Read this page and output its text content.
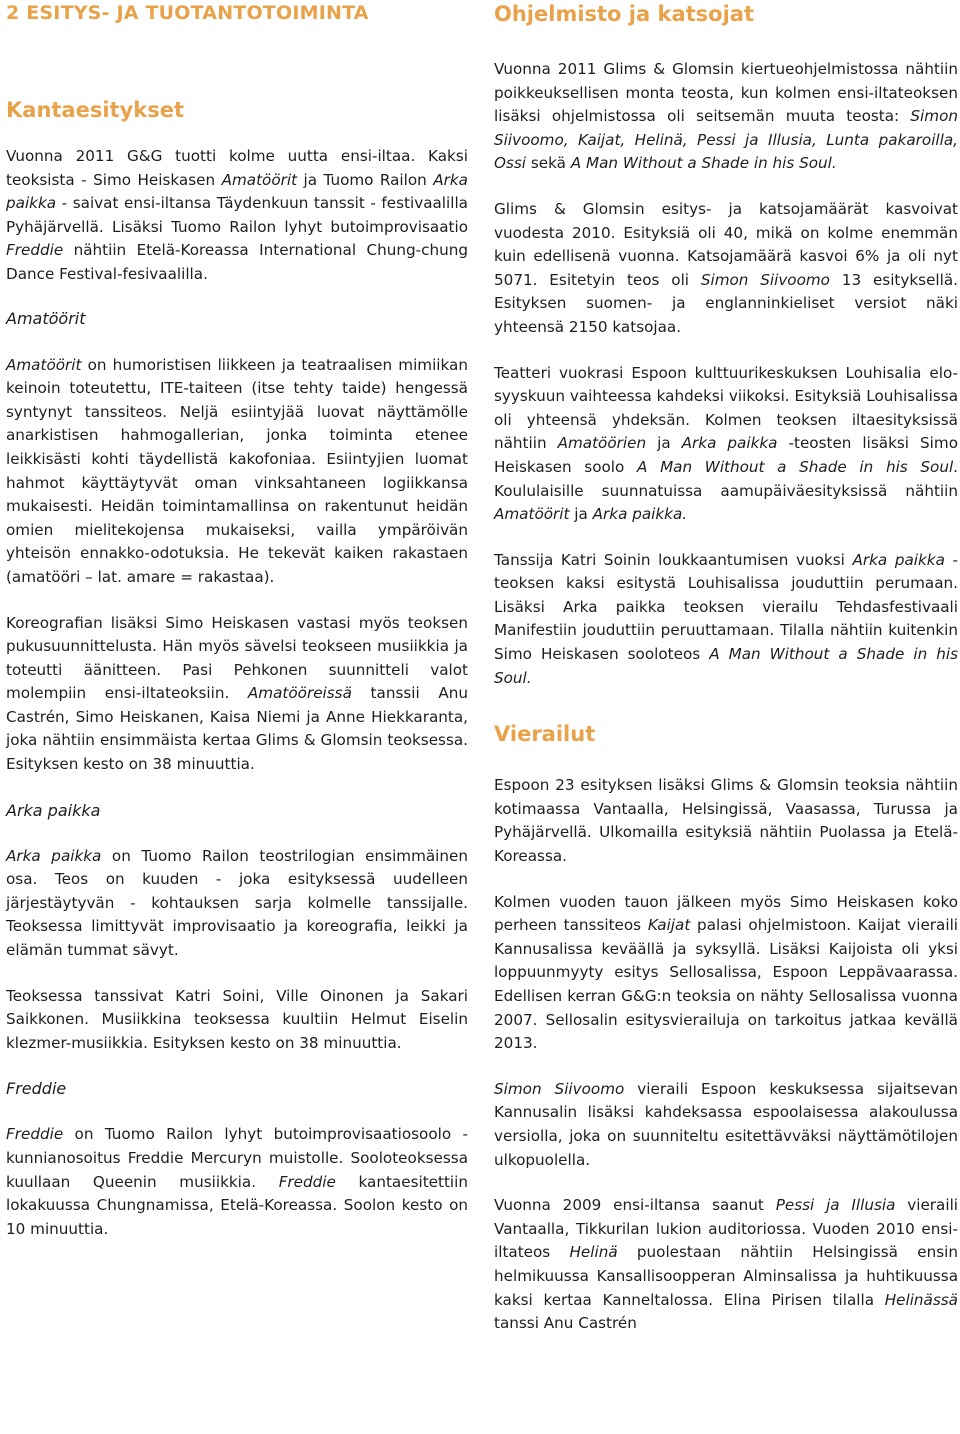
2 ESITYS- JA TUOTANTOTOIMINTA
Kantaesitykset

Vuonna 2011 G&G tuotti kolme uutta ensi-iltaa. Kaksi teoksista - Simo Heiskasen Amatöörit ja Tuomo Railon Arka paikka - saivat ensi-iltansa Täydenkuun tanssit - festivaalilla Pyhäjärvellä. Lisäksi Tuomo Railon lyhyt butoimprovisaatio Freddie nähtiin Etelä-Koreassa International Chung-chung Dance Festival-fesivaalilla.

Amatöörit

Amatöörit on humoristisen liikkeen ja teatraalisen mimiikan keinoin toteutettu, ITE-taiteen (itse tehty taide) hengessä syntynyt tanssiteos. Neljä esiintyjää luovat näyttämölle anarkistisen hahmogallerian, jonka toiminta etenee leikkisästi kohti täydellistä kakofoniaa. Esiintyjien luomat hahmot käyttäytyvät oman vinksahtaneen logiikkansa mukaisesti. Heidän toimintamallinsa on rakentunut heidän omien mielitekojensa mukaiseksi, vailla ympäröivän yhteisön ennakko-odotuksia. He tekevät kaiken rakastaen (amatööri – lat. amare = rakastaa).

Koreografian lisäksi Simo Heiskasen vastasi myös teoksen pukusuunnittelusta. Hän myös sävelsi teokseen musiikkia ja toteutti äänitteen. Pasi Pehkonen suunnitteli valot molempiin ensi-iltateoksiin. Amatööreissä tanssii Anu Castrén, Simo Heiskanen, Kaisa Niemi ja Anne Hiekkaranta, joka nähtiin ensimmäista kertaa Glims & Glomsin teoksessa. Esityksen kesto on 38 minuuttia.

Arka paikka

Arka paikka on Tuomo Railon teostrilogian ensimmäinen osa. Teos on kuuden - joka esityksessä uudelleen järjestäytyvän - kohtauksen sarja kolmelle tanssijalle. Teoksessa limittyvät improvisaatio ja koreografia, leikki ja elämän tummat sävyt.

Teoksessa tanssivat Katri Soini, Ville Oinonen ja Sakari Saikkonen. Musiikkina teoksessa kuultiin Helmut Eiselin klezmer-musiikkia. Esityksen kesto on 38 minuuttia.

Freddie

Freddie on Tuomo Railon lyhyt butoimprovisaatiosoolo - kunnianosoitus Freddie Mercuryn muistolle. Sooloteoksessa kuullaan Queenin musiikkia. Freddie kantaesitettiin lokakuussa Chungnamissa, Etelä-Koreassa. Soolon kesto on 10 minuuttia.

Ohjelmisto ja katsojat

Vuonna 2011 Glims & Glomsin kiertueohjelmistossa nähtiin poikkeuksellisen monta teosta, kun kolmen ensi-iltateoksen lisäksi ohjelmistossa oli seitsemän muuta teosta: Simon Siivoomo, Kaijat, Helinä, Pessi ja Illusia, Lunta pakaroilla, Ossi sekä A Man Without a Shade in his Soul.

Glims & Glomsin esitys- ja katsojamäärät kasvoivat vuodesta 2010. Esityksiä oli 40, mikä on kolme enemmän kuin edellisenä vuonna. Katsojamäärä kasvoi 6% ja oli nyt 5071. Esitetyin teos oli Simon Siivoomo 13 esityksellä. Esityksen suomen- ja englanninkieliset versiot näki yhteensä 2150 katsojaa.

Teatteri vuokrasi Espoon kulttuurikeskuksen Louhisalia elo-syyskuun vaihteessa kahdeksi viikoksi. Esityksiä Louhisalissa oli yhteensä yhdeksän. Kolmen teoksen iltaesityksissä nähtiin Amatöörien ja Arka paikka -teosten lisäksi Simo Heiskasen soolo A Man Without a Shade in his Soul. Koululaisille suunnatuissa aamupäiväesityksissä nähtiin Amatöörit ja Arka paikka.

Tanssija Katri Soinin loukkaantumisen vuoksi Arka paikka -teoksen kaksi esitystä Louhisalissa jouduttiin perumaan. Lisäksi Arka paikka teoksen vierailu Tehdasfestivaali Manifestiin jouduttiin peruuttamaan. Tilalla nähtiin kuitenkin Simo Heiskasen sooloteos A Man Without a Shade in his Soul.

Vierailut

Espoon 23 esityksen lisäksi Glims & Glomsin teoksia nähtiin kotimaassa Vantaalla, Helsingissä, Vaasassa, Turussa ja Pyhäjärvellä. Ulkomailla esityksiä nähtiin Puolassa ja Etelä-Koreassa.

Kolmen vuoden tauon jälkeen myös Simo Heiskasen koko perheen tanssiteos Kaijat palasi ohjelmistoon. Kaijat vieraili Kannusalissa keväällä ja syksyllä. Lisäksi Kaijoista oli yksi loppuunmyyty esitys Sellosalissa, Espoon Leppävaarassa. Edellisen kerran G&G:n teoksia on nähty Sellosalissa vuonna 2007. Sellosalin esitysvierailuja on tarkoitus jatkaa kevällä 2013.

Simon Siivoomo vieraili Espoon keskuksessa sijaitsevan Kannusalin lisäksi kahdeksassa espoolaisessa alakoulussa versiolla, joka on suunniteltu esitettävväksi näyttämötilojen ulkopuolella.

Vuonna 2009 ensi-iltansa saanut Pessi ja Illusia vieraili Vantaalla, Tikkurilan lukion auditoriossa. Vuoden 2010 ensi-iltateos Helinä puolestaan nähtiin Helsingissä ensin helmikuussa Kansallisoopperan Alminsalissa ja huhtikuussa kaksi kertaa Kanneltalossa. Elina Pirisen tilalla Helinässä tanssi Anu Castrén
